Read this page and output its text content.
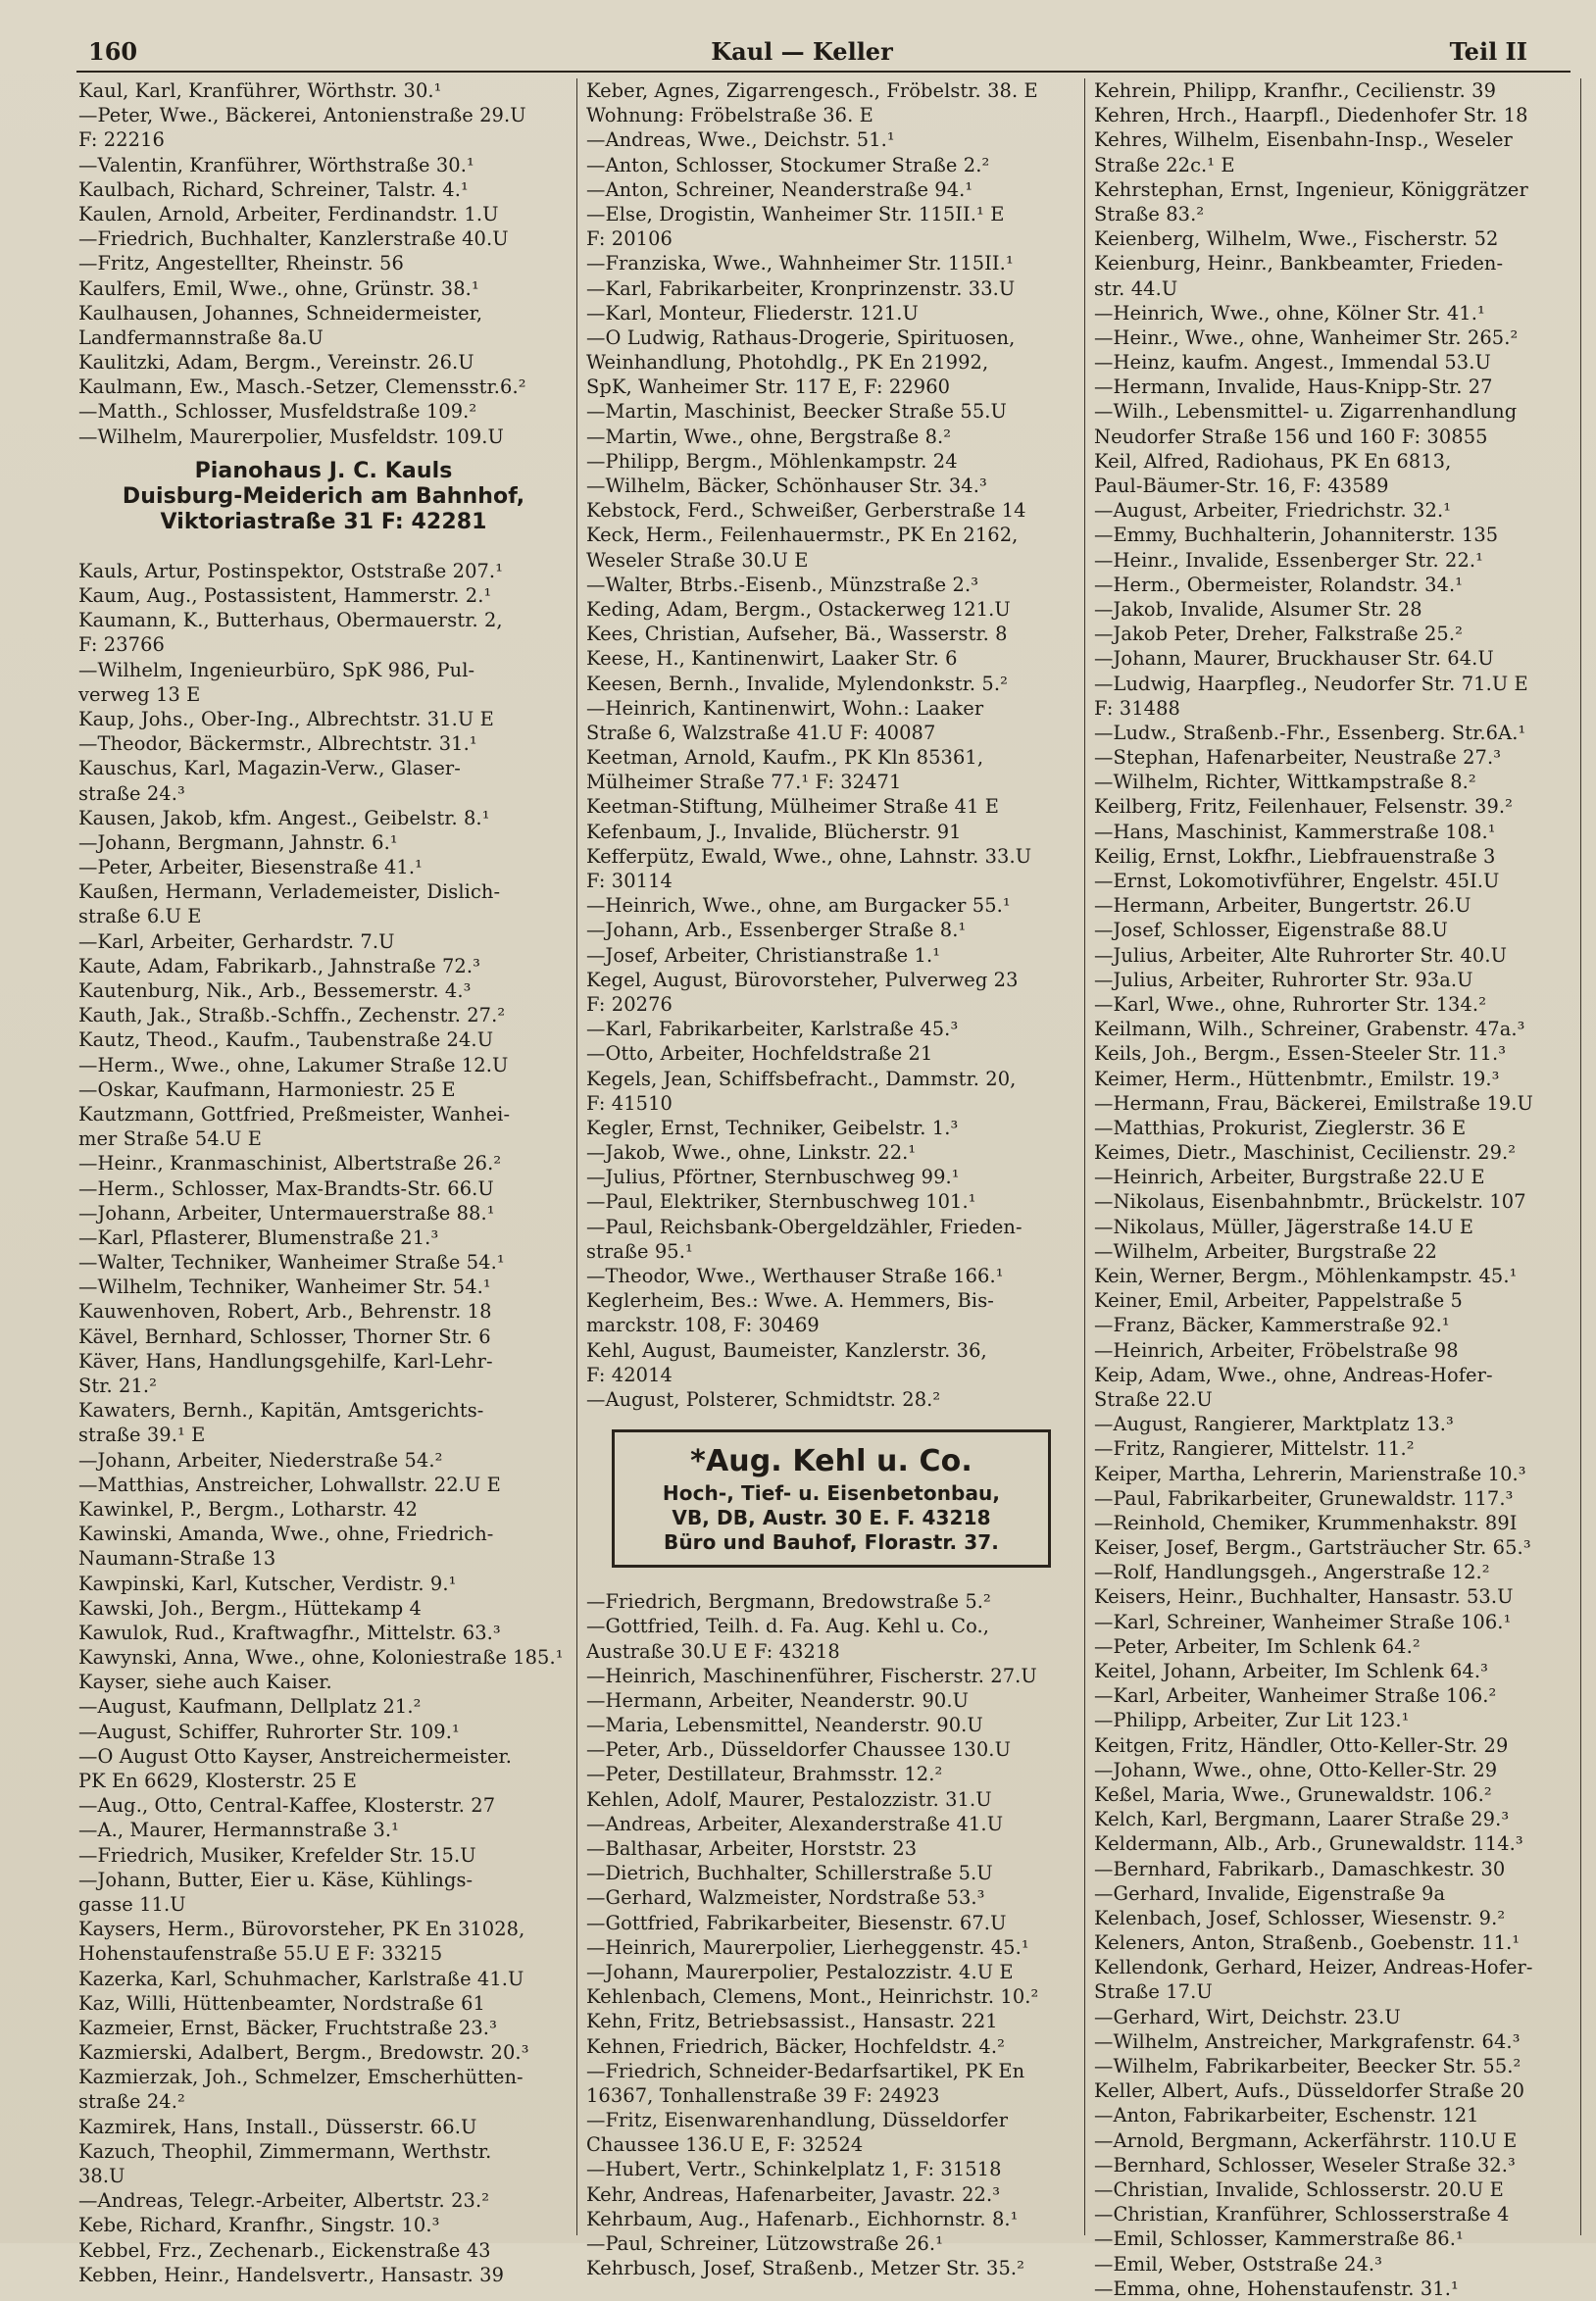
160	Kaul — Keller	Teil II
Kaul, Karl, Kranführer, Wörthstr. 30.¹
—Peter, Wwe., Bäckerei, Antonienstraße 29.U
F: 22216
—Valentin, Kranführer, Wörthstraße 30.¹
Kaulbach, Richard, Schreiner, Talstr. 4.¹
Kaulen, Arnold, Arbeiter, Ferdinandstr. 1.U
—Friedrich, Buchhalter, Kanzlerstraße 40.U
—Fritz, Angestellter, Rheinstr. 56
Kaulfers, Emil, Wwe., ohne, Grünstr. 38.¹
Kaulhausen, Johannes, Schneidermeister,
Landfermannstraße 8a.U
Kaulitzki, Adam, Bergm., Vereinstr. 26.U
Kaulmann, Ew., Masch.-Setzer, Clemensstr.6.²
—Matth., Schlosser, Musfeldstraße 109.²
—Wilhelm, Maurerpolier, Musfeldstr. 109.U
Pianohaus J. C. Kauls
Duisburg-Meiderich am Bahnhof,
Viktoriastraße 31 F: 42281
Kauls, Artur, Postinspektor, Oststraße 207.¹
Kaum, Aug., Postassistent, Hammerstr. 2.¹
Kaumann, K., Butterhaus, Obermauerstr. 2,
F: 23766
—Wilhelm, Ingenieurbüro, SpK 986, Pul-
verweg 13 E
Kaup, Johs., Ober-Ing., Albrechtstr. 31.U E
—Theodor, Bäckermstr., Albrechtstr. 31.¹
Kauschus, Karl, Magazin-Verw., Glaser-
straße 24.³
Kausen, Jakob, kfm. Angest., Geibelstr. 8.¹
—Johann, Bergmann, Jahnstr. 6.¹
—Peter, Arbeiter, Biesenstraße 41.¹
Kaußen, Hermann, Verlademeister, Dislich-
straße 6.U E
—Karl, Arbeiter, Gerhardstr. 7.U
Kaute, Adam, Fabrikarb., Jahnstraße 72.³
Kautenburg, Nik., Arb., Bessemerstr. 4.³
Kauth, Jak., Straßb.-Schffn., Zechenstr. 27.²
Kautz, Theod., Kaufm., Taubenstraße 24.U
—Herm., Wwe., ohne, Lakumer Straße 12.U
—Oskar, Kaufmann, Harmoniestr. 25 E
Kautzmann, Gottfried, Preßmeister, Wanhei-
mer Straße 54.U E
—Heinr., Kranmaschinist, Albertstraße 26.²
—Herm., Schlosser, Max-Brandts-Str. 66.U
—Johann, Arbeiter, Untermauerstraße 88.¹
—Karl, Pflasterer, Blumenstraße 21.³
—Walter, Techniker, Wanheimer Straße 54.¹
—Wilhelm, Techniker, Wanheimer Str. 54.¹
Kauwenhoven, Robert, Arb., Behrenstr. 18
Kävel, Bernhard, Schlosser, Thorner Str. 6
Käver, Hans, Handlungsgehilfe, Karl-Lehr-
Str. 21.²
Kawaters, Bernh., Kapitän, Amtsgerichts-
straße 39.¹ E
—Johann, Arbeiter, Niederstraße 54.²
—Matthias, Anstreicher, Lohwallstr. 22.U E
Kawinkel, P., Bergm., Lotharstr. 42
Kawinski, Amanda, Wwe., ohne, Friedrich-
Naumann-Straße 13
Kawpinski, Karl, Kutscher, Verdistr. 9.¹
Kawski, Joh., Bergm., Hüttekamp 4
Kawulok, Rud., Kraftwagfhr., Mittelstr. 63.³
Kawynski, Anna, Wwe., ohne, Koloniestraße 185.¹
Kayser, siehe auch Kaiser.
—August, Kaufmann, Dellplatz 21.²
—August, Schiffer, Ruhrorter Str. 109.¹
—O August Otto Kayser, Anstreichermeister.
PK En 6629, Klosterstr. 25 E
—Aug., Otto, Central-Kaffee, Klosterstr. 27
—A., Maurer, Hermannstraße 3.¹
—Friedrich, Musiker, Krefelder Str. 15.U
—Johann, Butter, Eier u. Käse, Kühlings-
gasse 11.U
Kaysers, Herm., Bürovorsteher, PK En 31028,
Hohenstaufenstraße 55.U E F: 33215
Kazerka, Karl, Schuhmacher, Karlstraße 41.U
Kaz, Willi, Hüttenbeamter, Nordstraße 61
Kazmeier, Ernst, Bäcker, Fruchtstraße 23.³
Kazmierski, Adalbert, Bergm., Bredowstr. 20.³
Kazmierzak, Joh., Schmelzer, Emscherhütten-
straße 24.²
Kazmirek, Hans, Install., Düsserstr. 66.U
Kazuch, Theophil, Zimmermann, Werthstr.
38.U
—Andreas, Telegr.-Arbeiter, Albertstr. 23.²
Kebe, Richard, Kranfhr., Singstr. 10.³
Kebbel, Frz., Zechenarb., Eickenstraße 43
Kebben, Heinr., Handelsvertr., Hansastr. 39
Keber, Agnes, Zigarrengesch., Fröbelstr. 38. E
Wohnung: Fröbelstraße 36. E
—Andreas, Wwe., Deichstr. 51.¹
—Anton, Schlosser, Stockumer Straße 2.²
—Anton, Schreiner, Neanderstraße 94.¹
—Else, Drogistin, Wanheimer Str. 115II.¹ E
F: 20106
—Franziska, Wwe., Wahnheimer Str. 115II.¹
—Karl, Fabrikarbeiter, Kronprinzenstr. 33.U
—Karl, Monteur, Fliederstr. 121.U
—O Ludwig, Rathaus-Drogerie, Spirituosen,
Weinhandlung, Photohdlg., PK En 21992,
SpK, Wanheimer Str. 117 E, F: 22960
—Martin, Maschinist, Beecker Straße 55.U
—Martin, Wwe., ohne, Bergstraße 8.²
—Philipp, Bergm., Möhlenkampstr. 24
—Wilhelm, Bäcker, Schönhauser Str. 34.³
Kebstock, Ferd., Schweißer, Gerberstraße 14
Keck, Herm., Feilenhauermstr., PK En 2162,
Weseler Straße 30.U E
—Walter, Btrbs.-Eisenb., Münzstraße 2.³
Keding, Adam, Bergm., Ostackerweg 121.U
Kees, Christian, Aufseher, Bä., Wasserstr. 8
Keese, H., Kantinenwirt, Laaker Str. 6
Keesen, Bernh., Invalide, Mylendonkstr. 5.²
—Heinrich, Kantinenwirt, Wohn.: Laaker
Straße 6, Walzstraße 41.U F: 40087
Keetman, Arnold, Kaufm., PK Kln 85361,
Mülheimer Straße 77.¹ F: 32471
Keetman-Stiftung, Mülheimer Straße 41 E
Kefenbaum, J., Invalide, Blücherstr. 91
Kefferpütz, Ewald, Wwe., ohne, Lahnstr. 33.U
F: 30114
—Heinrich, Wwe., ohne, am Burgacker 55.¹
—Johann, Arb., Essenberger Straße 8.¹
—Josef, Arbeiter, Christianstraße 1.¹
Kegel, August, Bürovorsteher, Pulverweg 23
F: 20276
—Karl, Fabrikarbeiter, Karlstraße 45.³
—Otto, Arbeiter, Hochfeldstraße 21
Kegels, Jean, Schiffsbefracht., Dammstr. 20,
F: 41510
Kegler, Ernst, Techniker, Geibelstr. 1.³
—Jakob, Wwe., ohne, Linkstr. 22.¹
—Julius, Pförtner, Sternbuschweg 99.¹
—Paul, Elektriker, Sternbuschweg 101.¹
—Paul, Reichsbank-Obergeldzähler, Frieden-
straße 95.¹
—Theodor, Wwe., Werthauser Straße 166.¹
Keglerheim, Bes.: Wwe. A. Hemmers, Bis-
marckstr. 108, F: 30469
Kehl, August, Baumeister, Kanzlerstr. 36,
F: 42014
—August, Polsterer, Schmidtstr. 28.²
*Aug. Kehl u. Co.
Hoch-, Tief- u. Eisenbetonbau,
VB, DB, Austr. 30 E. F. 43218
Büro und Bauhof, Florastr. 37.
—Friedrich, Bergmann, Bredowstraße 5.²
—Gottfried, Teilh. d. Fa. Aug. Kehl u. Co.,
Austraße 30.U E F: 43218
—Heinrich, Maschinenführer, Fischerstr. 27.U
—Hermann, Arbeiter, Neanderstr. 90.U
—Maria, Lebensmittel, Neanderstr. 90.U
—Peter, Arb., Düsseldorfer Chaussee 130.U
—Peter, Destillateur, Brahmsstr. 12.²
Kehlen, Adolf, Maurer, Pestalozzistr. 31.U
—Andreas, Arbeiter, Alexanderstraße 41.U
—Balthasar, Arbeiter, Horststr. 23
—Dietrich, Buchhalter, Schillerstraße 5.U
—Gerhard, Walzmeister, Nordstraße 53.³
—Gottfried, Fabrikarbeiter, Biesenstr. 67.U
—Heinrich, Maurerpolier, Lierheggenstr. 45.¹
—Johann, Maurerpolier, Pestalozzistr. 4.U E
Kehlenbach, Clemens, Mont., Heinrichstr. 10.²
Kehn, Fritz, Betriebsassist., Hansastr. 221
Kehnen, Friedrich, Bäcker, Hochfeldstr. 4.²
—Friedrich, Schneider-Bedarfsartikel, PK En
16367, Tonhallenstraße 39 F: 24923
—Fritz, Eisenwarenhandlung, Düsseldorfer
Chaussee 136.U E, F: 32524
—Hubert, Vertr., Schinkelplatz 1, F: 31518
Kehr, Andreas, Hafenarbeiter, Javastr. 22.³
Kehrbaum, Aug., Hafenarb., Eichhornstr. 8.¹
—Paul, Schreiner, Lützowstraße 26.¹
Kehrbusch, Josef, Straßenb., Metzer Str. 35.²
Kehrein, Philipp, Kranfhr., Cecilienstr. 39
Kehren, Hrch., Haarpfl., Diedenhofer Str. 18
Kehres, Wilhelm, Eisenbahn-Insp., Weseler
Straße 22c.¹ E
Kehrstephan, Ernst, Ingenieur, Königgrätzer
Straße 83.²
Keienberg, Wilhelm, Wwe., Fischerstr. 52
Keienburg, Heinr., Bankbeamter, Frieden-
str. 44.U
—Heinrich, Wwe., ohne, Kölner Str. 41.¹
—Heinr., Wwe., ohne, Wanheimer Str. 265.²
—Heinz, kaufm. Angest., Immendal 53.U
—Hermann, Invalide, Haus-Knipp-Str. 27
—Wilh., Lebensmittel- u. Zigarrenhandlung
Neudorfer Straße 156 und 160 F: 30855
Keil, Alfred, Radiohaus, PK En 6813,
Paul-Bäumer-Str. 16, F: 43589
—August, Arbeiter, Friedrichstr. 32.¹
—Emmy, Buchhalterin, Johanniterstr. 135
—Heinr., Invalide, Essenberger Str. 22.¹
—Herm., Obermeister, Rolandstr. 34.¹
—Jakob, Invalide, Alsumer Str. 28
—Jakob Peter, Dreher, Falkstraße 25.²
—Johann, Maurer, Bruckhauser Str. 64.U
—Ludwig, Haarpfleg., Neudorfer Str. 71.U E
F: 31488
—Ludw., Straßenb.-Fhr., Essenberg. Str.6A.¹
—Stephan, Hafenarbeiter, Neustraße 27.³
—Wilhelm, Richter, Wittkampstraße 8.²
Keilberg, Fritz, Feilenhauer, Felsenstr. 39.²
—Hans, Maschinist, Kammerstraße 108.¹
Keilig, Ernst, Lokfhr., Liebfrauenstraße 3
—Ernst, Lokomotivführer, Engelstr. 45I.U
—Hermann, Arbeiter, Bungertstr. 26.U
—Josef, Schlosser, Eigenstraße 88.U
—Julius, Arbeiter, Alte Ruhrorter Str. 40.U
—Julius, Arbeiter, Ruhrorter Str. 93a.U
—Karl, Wwe., ohne, Ruhrorter Str. 134.²
Keilmann, Wilh., Schreiner, Grabenstr. 47a.³
Keils, Joh., Bergm., Essen-Steeler Str. 11.³
Keimer, Herm., Hüttenbmtr., Emilstr. 19.³
—Hermann, Frau, Bäckerei, Emilstraße 19.U
—Matthias, Prokurist, Zieglerstr. 36 E
Keimes, Dietr., Maschinist, Cecilienstr. 29.²
—Heinrich, Arbeiter, Burgstraße 22.U E
—Nikolaus, Eisenbahnbmtr., Brückelstr. 107
—Nikolaus, Müller, Jägerstraße 14.U E
—Wilhelm, Arbeiter, Burgstraße 22
Kein, Werner, Bergm., Möhlenkampstr. 45.¹
Keiner, Emil, Arbeiter, Pappelstraße 5
—Franz, Bäcker, Kammerstraße 92.¹
—Heinrich, Arbeiter, Fröbelstraße 98
Keip, Adam, Wwe., ohne, Andreas-Hofer-
Straße 22.U
—August, Rangierer, Marktplatz 13.³
—Fritz, Rangierer, Mittelstr. 11.²
Keiper, Martha, Lehrerin, Marienstraße 10.³
—Paul, Fabrikarbeiter, Grunewaldstr. 117.³
—Reinhold, Chemiker, Krummenhakstr. 89I
Keiser, Josef, Bergm., Gartsträucher Str. 65.³
—Rolf, Handlungsgeh., Angerstraße 12.²
Keisers, Heinr., Buchhalter, Hansastr. 53.U
—Karl, Schreiner, Wanheimer Straße 106.¹
—Peter, Arbeiter, Im Schlenk 64.²
Keitel, Johann, Arbeiter, Im Schlenk 64.³
—Karl, Arbeiter, Wanheimer Straße 106.²
—Philipp, Arbeiter, Zur Lit 123.¹
Keitgen, Fritz, Händler, Otto-Keller-Str. 29
—Johann, Wwe., ohne, Otto-Keller-Str. 29
Keßel, Maria, Wwe., Grunewaldstr. 106.²
Kelch, Karl, Bergmann, Laarer Straße 29.³
Keldermann, Alb., Arb., Grunewaldstr. 114.³
—Bernhard, Fabrikarb., Damaschkestr. 30
—Gerhard, Invalide, Eigenstraße 9a
Kelenbach, Josef, Schlosser, Wiesenstr. 9.²
Keleners, Anton, Straßenb., Goebenstr. 11.¹
Kellendonk, Gerhard, Heizer, Andreas-Hofer-
Straße 17.U
—Gerhard, Wirt, Deichstr. 23.U
—Wilhelm, Anstreicher, Markgrafenstr. 64.³
—Wilhelm, Fabrikarbeiter, Beecker Str. 55.²
Keller, Albert, Aufs., Düsseldorfer Straße 20
—Anton, Fabrikarbeiter, Eschenstr. 121
—Arnold, Bergmann, Ackerfährstr. 110.U E
—Bernhard, Schlosser, Weseler Straße 32.³
—Christian, Invalide, Schlosserstr. 20.U E
—Christian, Kranführer, Schlosserstraße 4
—Emil, Schlosser, Kammerstraße 86.¹
—Emil, Weber, Oststraße 24.³
—Emma, ohne, Hohenstaufenstr. 31.¹
